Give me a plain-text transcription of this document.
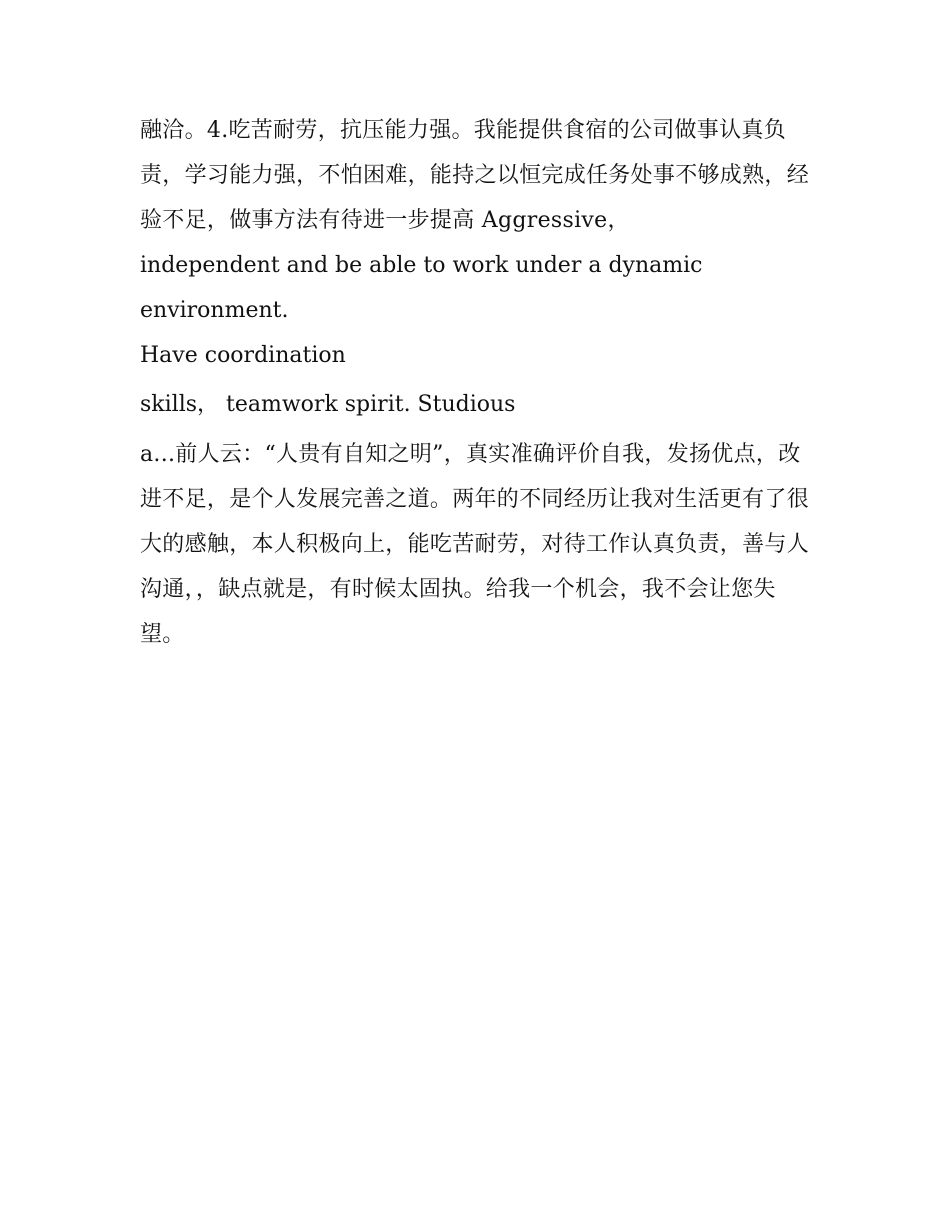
融洽。4.吃苦耐劳，抗压能力强。我能提供食宿的公司做事认真负责，学习能力强，不怕困难，能持之以恒完成任务处事不够成熟，经验不足，做事方法有待进一步提高 Aggressive，

independent and be able to work under a dynamic environment.

Have coordination

skills， teamwork spirit. Studious

a...前人云：“人贵有自知之明”，真实准确评价自我，发扬优点，改进不足，是个人发展完善之道。两年的不同经历让我对生活更有了很大的感触，本人积极向上，能吃苦耐劳，对待工作认真负责，善与人沟通，，缺点就是，有时候太固执。给我一个机会，我不会让您失望。
